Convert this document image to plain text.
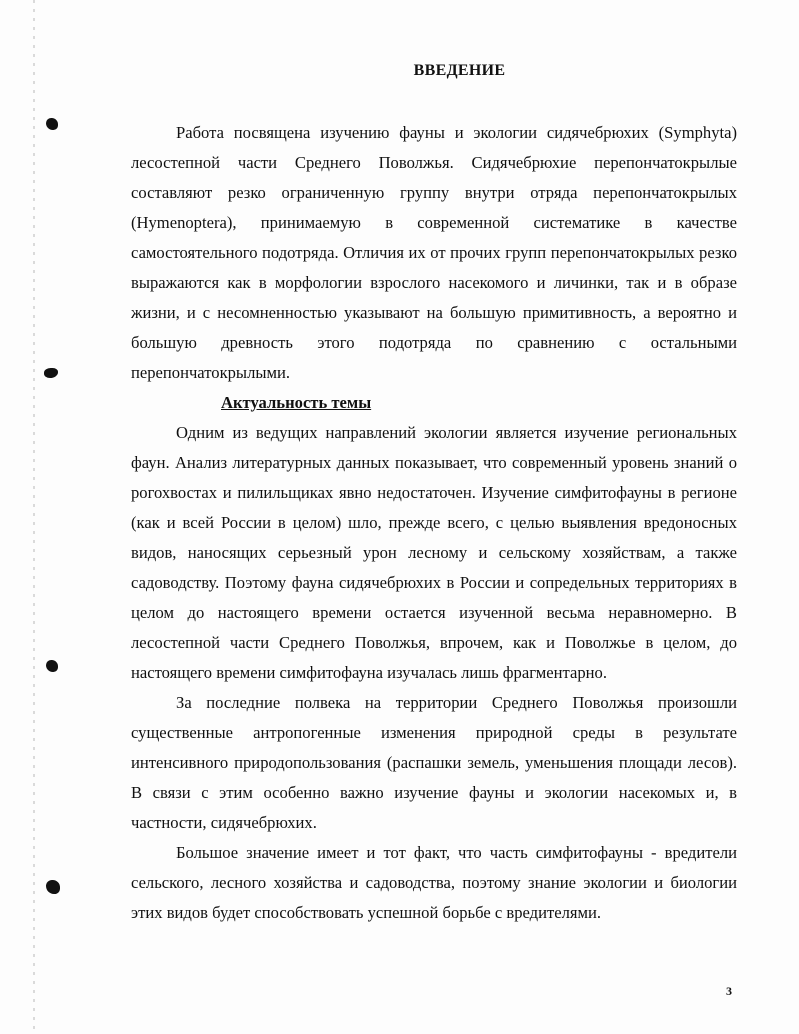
ВВЕДЕНИЕ

Работа посвящена изучению фауны и экологии сидячебрюхих (Symphyta) лесостепной части Среднего Поволжья. Сидячебрюхие перепончатокрылые составляют резко ограниченную группу внутри отряда перепончатокрылых (Hymenoptera), принимаемую в современной систематике в качестве самостоятельного подотряда. Отличия их от прочих групп перепончатокрылых резко выражаются как в морфологии взрослого насекомого и личинки, так и в образе жизни, и с несомненностью указывают на большую примитивность, а вероятно и большую древность этого подотряда по сравнению с остальными перепончатокрылыми.

Актуальность темы

Одним из ведущих направлений экологии является изучение региональных фаун. Анализ литературных данных показывает, что современный уровень знаний о рогохвостах и пилильщиках явно недостаточен. Изучение симфитофауны в регионе (как и всей России в целом) шло, прежде всего, с целью выявления вредоносных видов, наносящих серьезный урон лесному и сельскому хозяйствам, а также садоводству. Поэтому фауна сидячебрюхих в России и сопредельных территориях в целом до настоящего времени остается изученной весьма неравномерно. В лесостепной части Среднего Поволжья, впрочем, как и Поволжье в целом, до настоящего времени симфитофауна изучалась лишь фрагментарно.

За последние полвека на территории Среднего Поволжья произошли существенные антропогенные изменения природной среды в результате интенсивного природопользования (распашки земель, уменьшения площади лесов). В связи с этим особенно важно изучение фауны и экологии насекомых и, в частности, сидячебрюхих.

Большое значение имеет и тот факт, что часть симфитофауны - вредители сельского, лесного хозяйства и садоводства, поэтому знание экологии и биологии этих видов будет способствовать успешной борьбе с вредителями.

3
